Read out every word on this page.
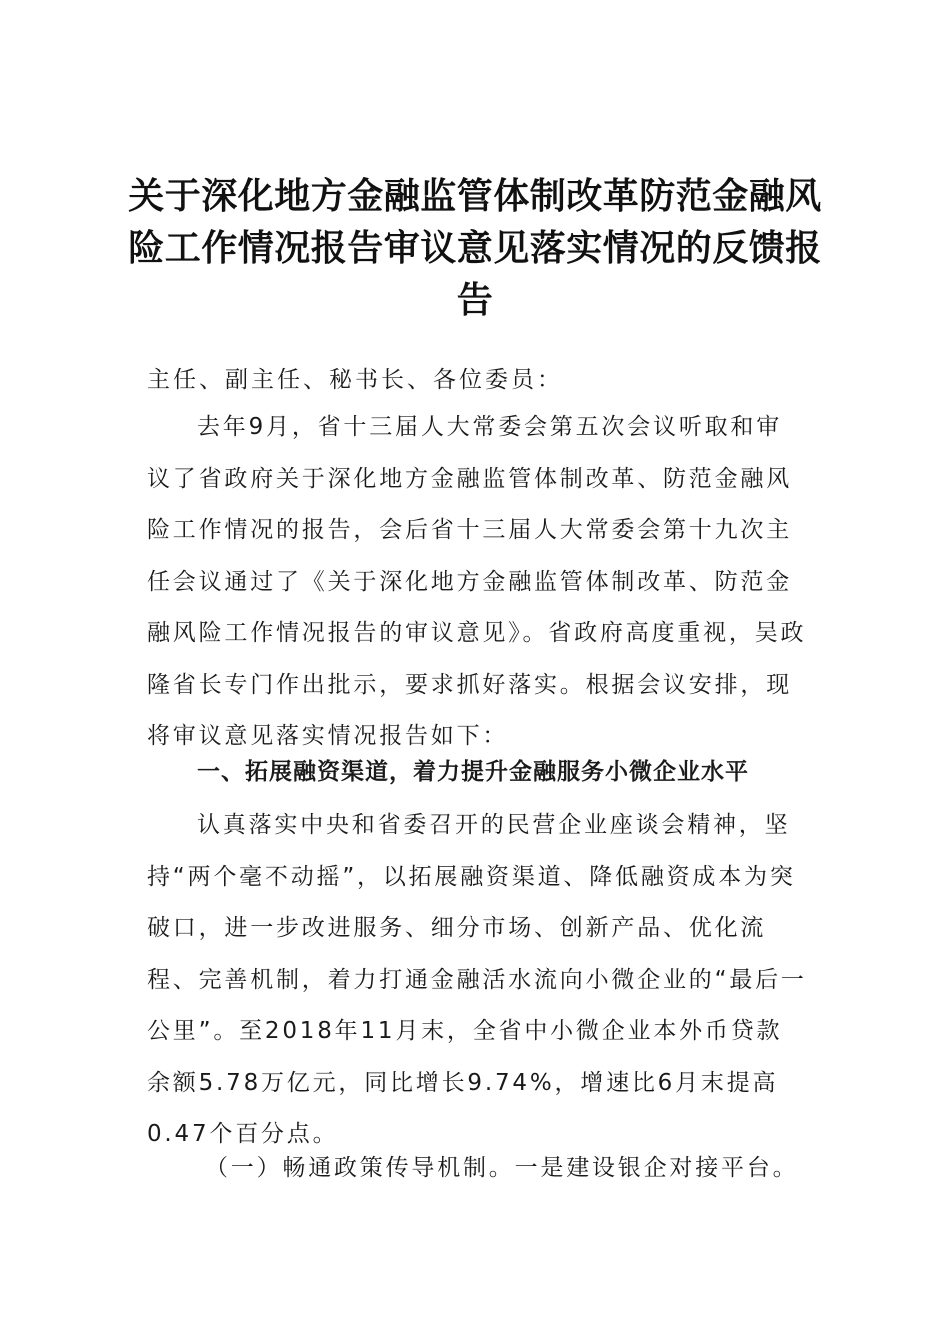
关于深化地方金融监管体制改革防范金融风险工作情况报告审议意见落实情况的反馈报告
主任、副主任、秘书长、各位委员：
去年9月，省十三届人大常委会第五次会议听取和审议了省政府关于深化地方金融监管体制改革、防范金融风险工作情况的报告，会后省十三届人大常委会第十九次主任会议通过了《关于深化地方金融监管体制改革、防范金融风险工作情况报告的审议意见》。省政府高度重视，吴政隆省长专门作出批示，要求抓好落实。根据会议安排，现将审议意见落实情况报告如下：
一、拓展融资渠道，着力提升金融服务小微企业水平
认真落实中央和省委召开的民营企业座谈会精神，坚持“两个毫不动摇”，以拓展融资渠道、降低融资成本为突破口，进一步改进服务、细分市场、创新产品、优化流程、完善机制，着力打通金融活水流向小微企业的“最后一公里”。至2018年11月末，全省中小微企业本外币贷款余额5.78万亿元，同比增长9.74%，增速比6月末提高0.47个百分点。
（一）畅通政策传导机制。一是建设银企对接平台。
